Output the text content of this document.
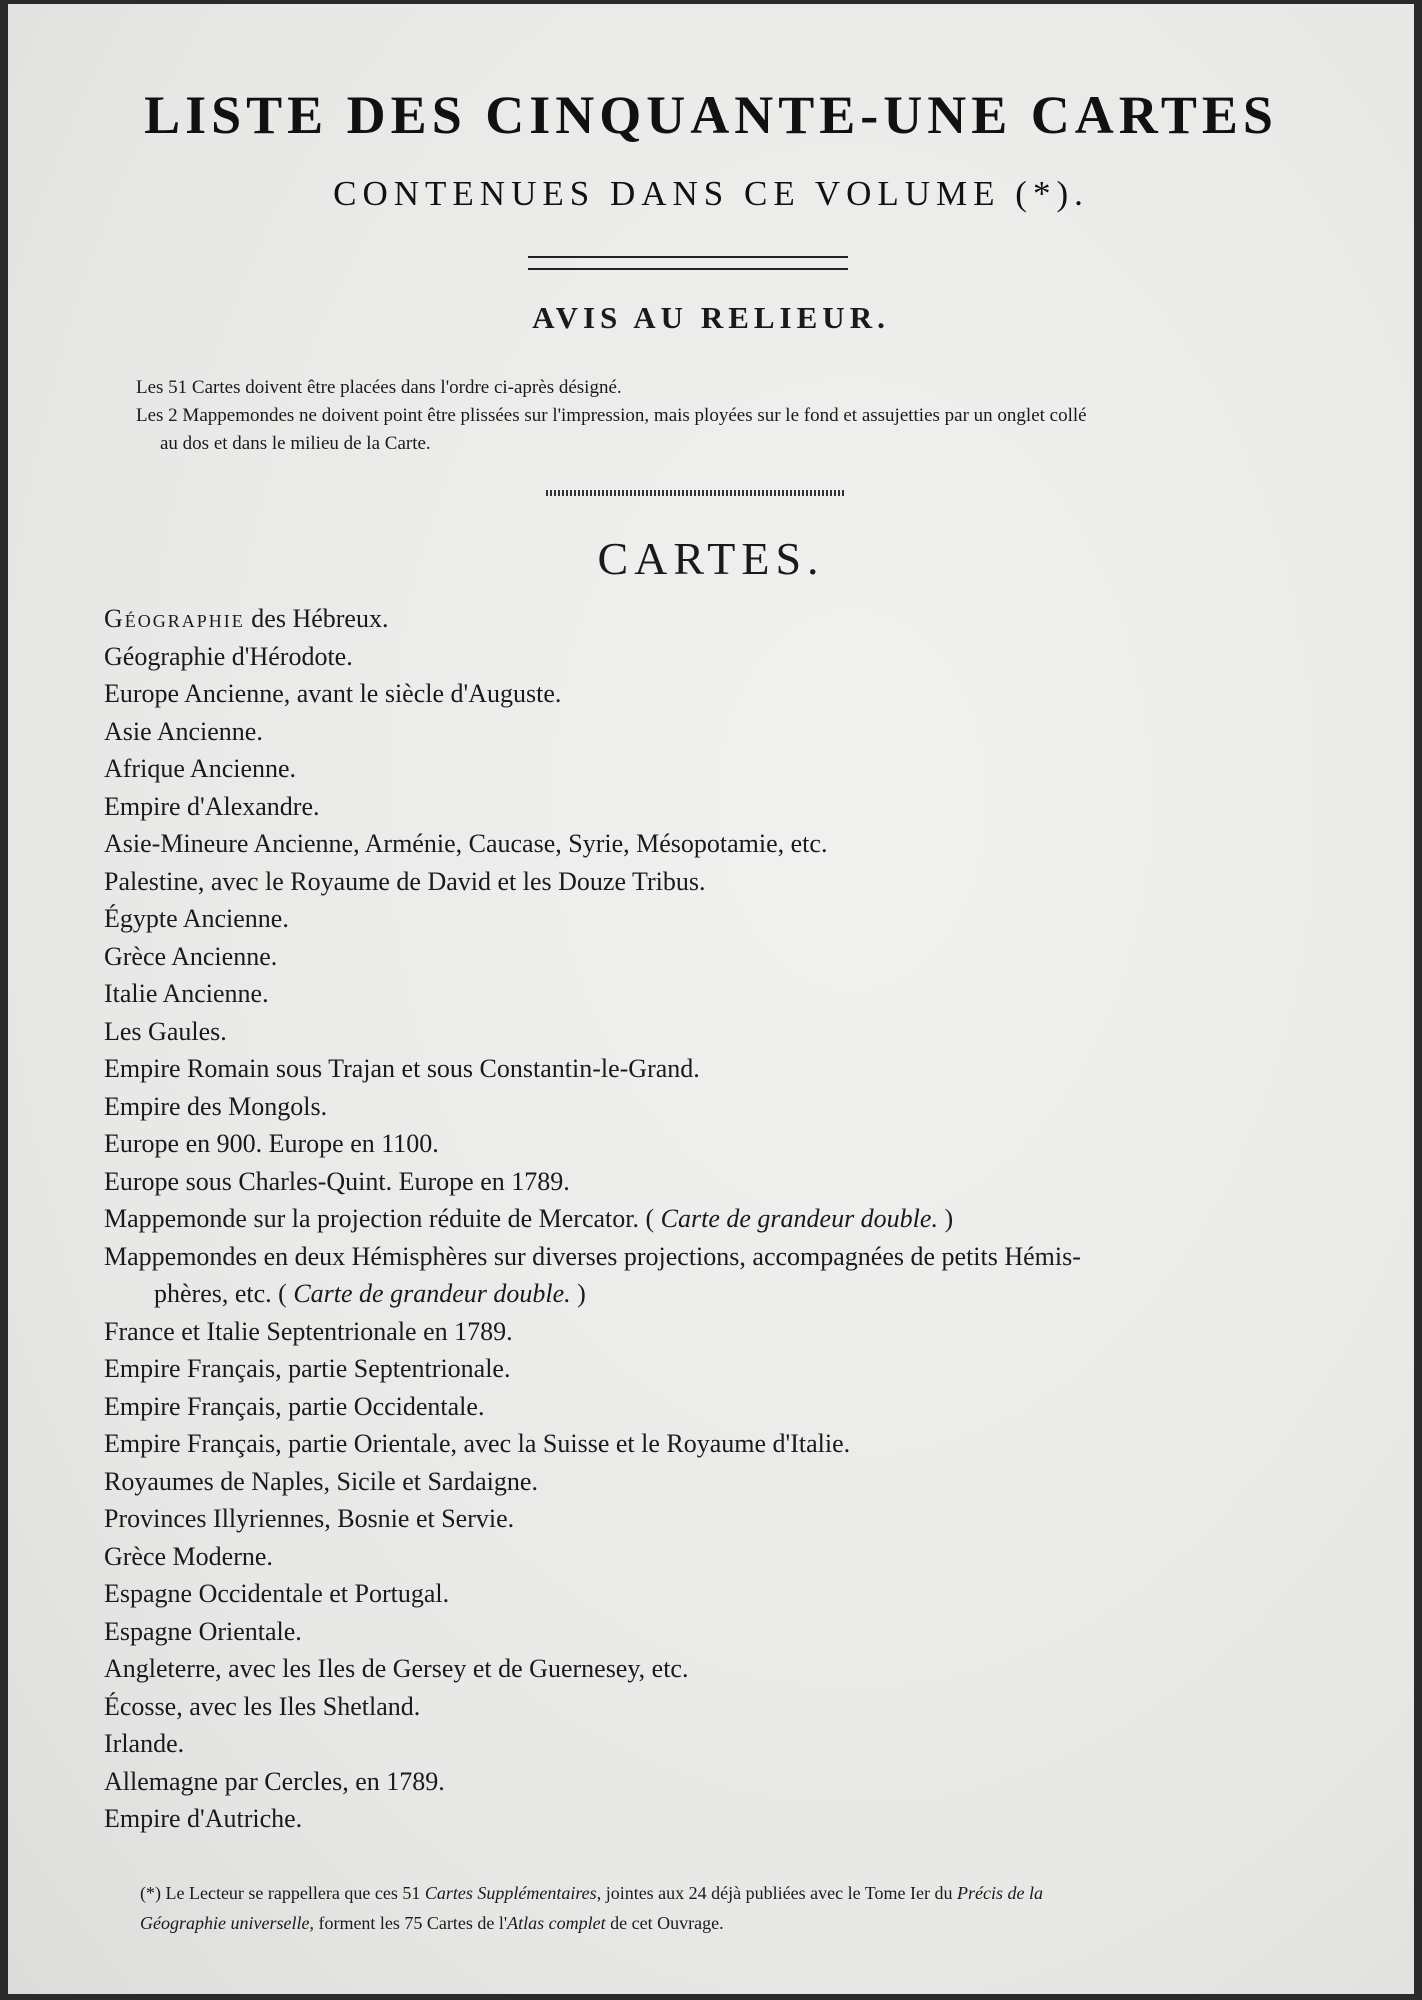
LISTE DES CINQUANTE-UNE CARTES
CONTENUES DANS CE VOLUME (*).
AVIS AU RELIEUR.

Les 51 Cartes doivent être placées dans l'ordre ci-après désigné.

Les 2 Mappemondes ne doivent point être plissées sur l'impression, mais ployées sur le fond et assujetties par un onglet collé

au dos et dans le milieu de la Carte.

CARTES.
Géographie des Hébreux.
Géographie d'Hérodote.
Europe Ancienne, avant le siècle d'Auguste.
Asie Ancienne.
Afrique Ancienne.
Empire d'Alexandre.
Asie-Mineure Ancienne, Arménie, Caucase, Syrie, Mésopotamie, etc.
Palestine, avec le Royaume de David et les Douze Tribus.
Égypte Ancienne.
Grèce Ancienne.
Italie Ancienne.
Les Gaules.
Empire Romain sous Trajan et sous Constantin-le-Grand.
Empire des Mongols.
Europe en 900. Europe en 1100.
Europe sous Charles-Quint. Europe en 1789.
Mappemonde sur la projection réduite de Mercator. ( Carte de grandeur double. )
Mappemondes en deux Hémisphères sur diverses projections, accompagnées de petits Hémis-
phères, etc. ( Carte de grandeur double. )
France et Italie Septentrionale en 1789.
Empire Français, partie Septentrionale.
Empire Français, partie Occidentale.
Empire Français, partie Orientale, avec la Suisse et le Royaume d'Italie.
Royaumes de Naples, Sicile et Sardaigne.
Provinces Illyriennes, Bosnie et Servie.
Grèce Moderne.
Espagne Occidentale et Portugal.
Espagne Orientale.
Angleterre, avec les Iles de Gersey et de Guernesey, etc.
Écosse, avec les Iles Shetland.
Irlande.
Allemagne par Cercles, en 1789.
Empire d'Autriche.

(*) Le Lecteur se rappellera que ces 51 Cartes Supplémentaires, jointes aux 24 déjà publiées avec le Tome Ier du Précis de la

Géographie universelle, forment les 75 Cartes de l'Atlas complet de cet Ouvrage.
